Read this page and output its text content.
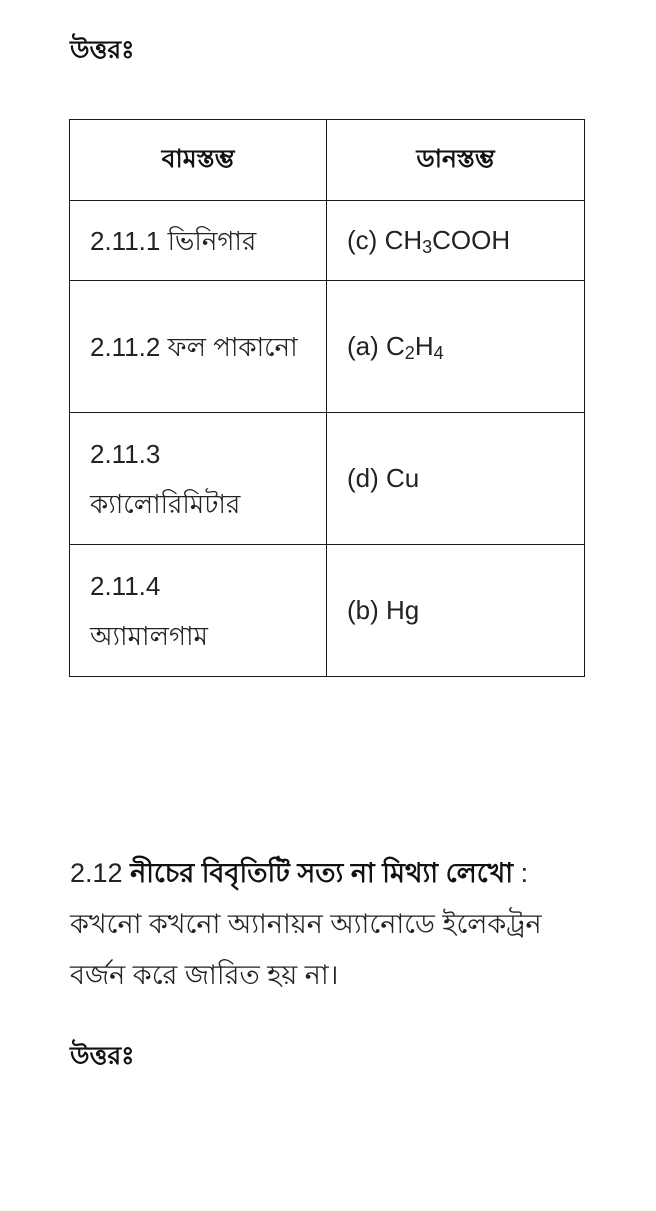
উত্তরঃ
বামস্তম্ভ	ডানস্তম্ভ
2.11.1 ভিনিগার	(c) $CH_3COOH$
2.11.2 ফল পাকানো	(a) $C_2H_4$
2.11.3
ক্যালোরিমিটার	(d) Cu
2.11.4
অ্যামালগাম	(b) Hg
2.12 নীচের বিবৃতিটি সত্য না মিথ্যা লেখো : কখনো কখনো অ্যানায়ন অ্যানোডে ইলেকট্রন বর্জন করে জারিত হয় না।
উত্তরঃ
